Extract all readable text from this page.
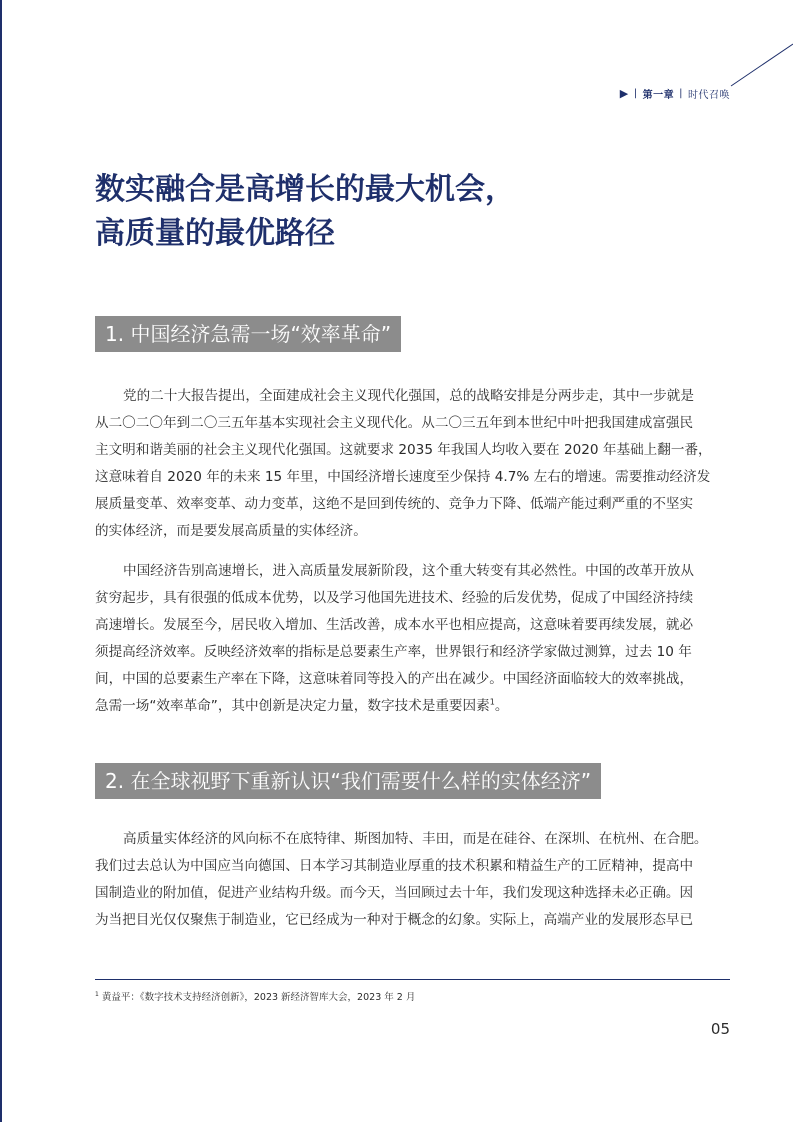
▶ | 第一章 | 时代召唤
数实融合是高增长的最大机会，
高质量的最优路径
1. 中国经济急需一场“效率革命”
党的二十大报告提出，全面建成社会主义现代化强国，总的战略安排是分两步走，其中一步就是
从二〇二〇年到二〇三五年基本实现社会主义现代化。从二〇三五年到本世纪中叶把我国建成富强民
主文明和谐美丽的社会主义现代化强国。这就要求 2035 年我国人均收入要在 2020 年基础上翻一番，
这意味着自 2020 年的未来 15 年里，中国经济增长速度至少保持 4.7% 左右的增速。需要推动经济发
展质量变革、效率变革、动力变革，这绝不是回到传统的、竞争力下降、低端产能过剩严重的不坚实
的实体经济，而是要发展高质量的实体经济。
中国经济告别高速增长，进入高质量发展新阶段，这个重大转变有其必然性。中国的改革开放从
贫穷起步，具有很强的低成本优势，以及学习他国先进技术、经验的后发优势，促成了中国经济持续
高速增长。发展至今，居民收入增加、生活改善，成本水平也相应提高，这意味着要再续发展，就必
须提高经济效率。反映经济效率的指标是总要素生产率，世界银行和经济学家做过测算，过去 10 年
间，中国的总要素生产率在下降，这意味着同等投入的产出在减少。中国经济面临较大的效率挑战，
急需一场“效率革命”，其中创新是决定力量，数字技术是重要因素$^1$。
2. 在全球视野下重新认识“我们需要什么样的实体经济”
高质量实体经济的风向标不在底特律、斯图加特、丰田，而是在硅谷、在深圳、在杭州、在合肥。
我们过去总认为中国应当向德国、日本学习其制造业厚重的技术积累和精益生产的工匠精神，提高中
国制造业的附加值，促进产业结构升级。而今天，当回顾过去十年，我们发现这种选择未必正确。因
为当把目光仅仅聚焦于制造业，它已经成为一种对于概念的幻象。实际上，高端产业的发展形态早已
$^1$ 黄益平：《数字技术支持经济创新》，2023 新经济智库大会，2023 年 2 月
05
